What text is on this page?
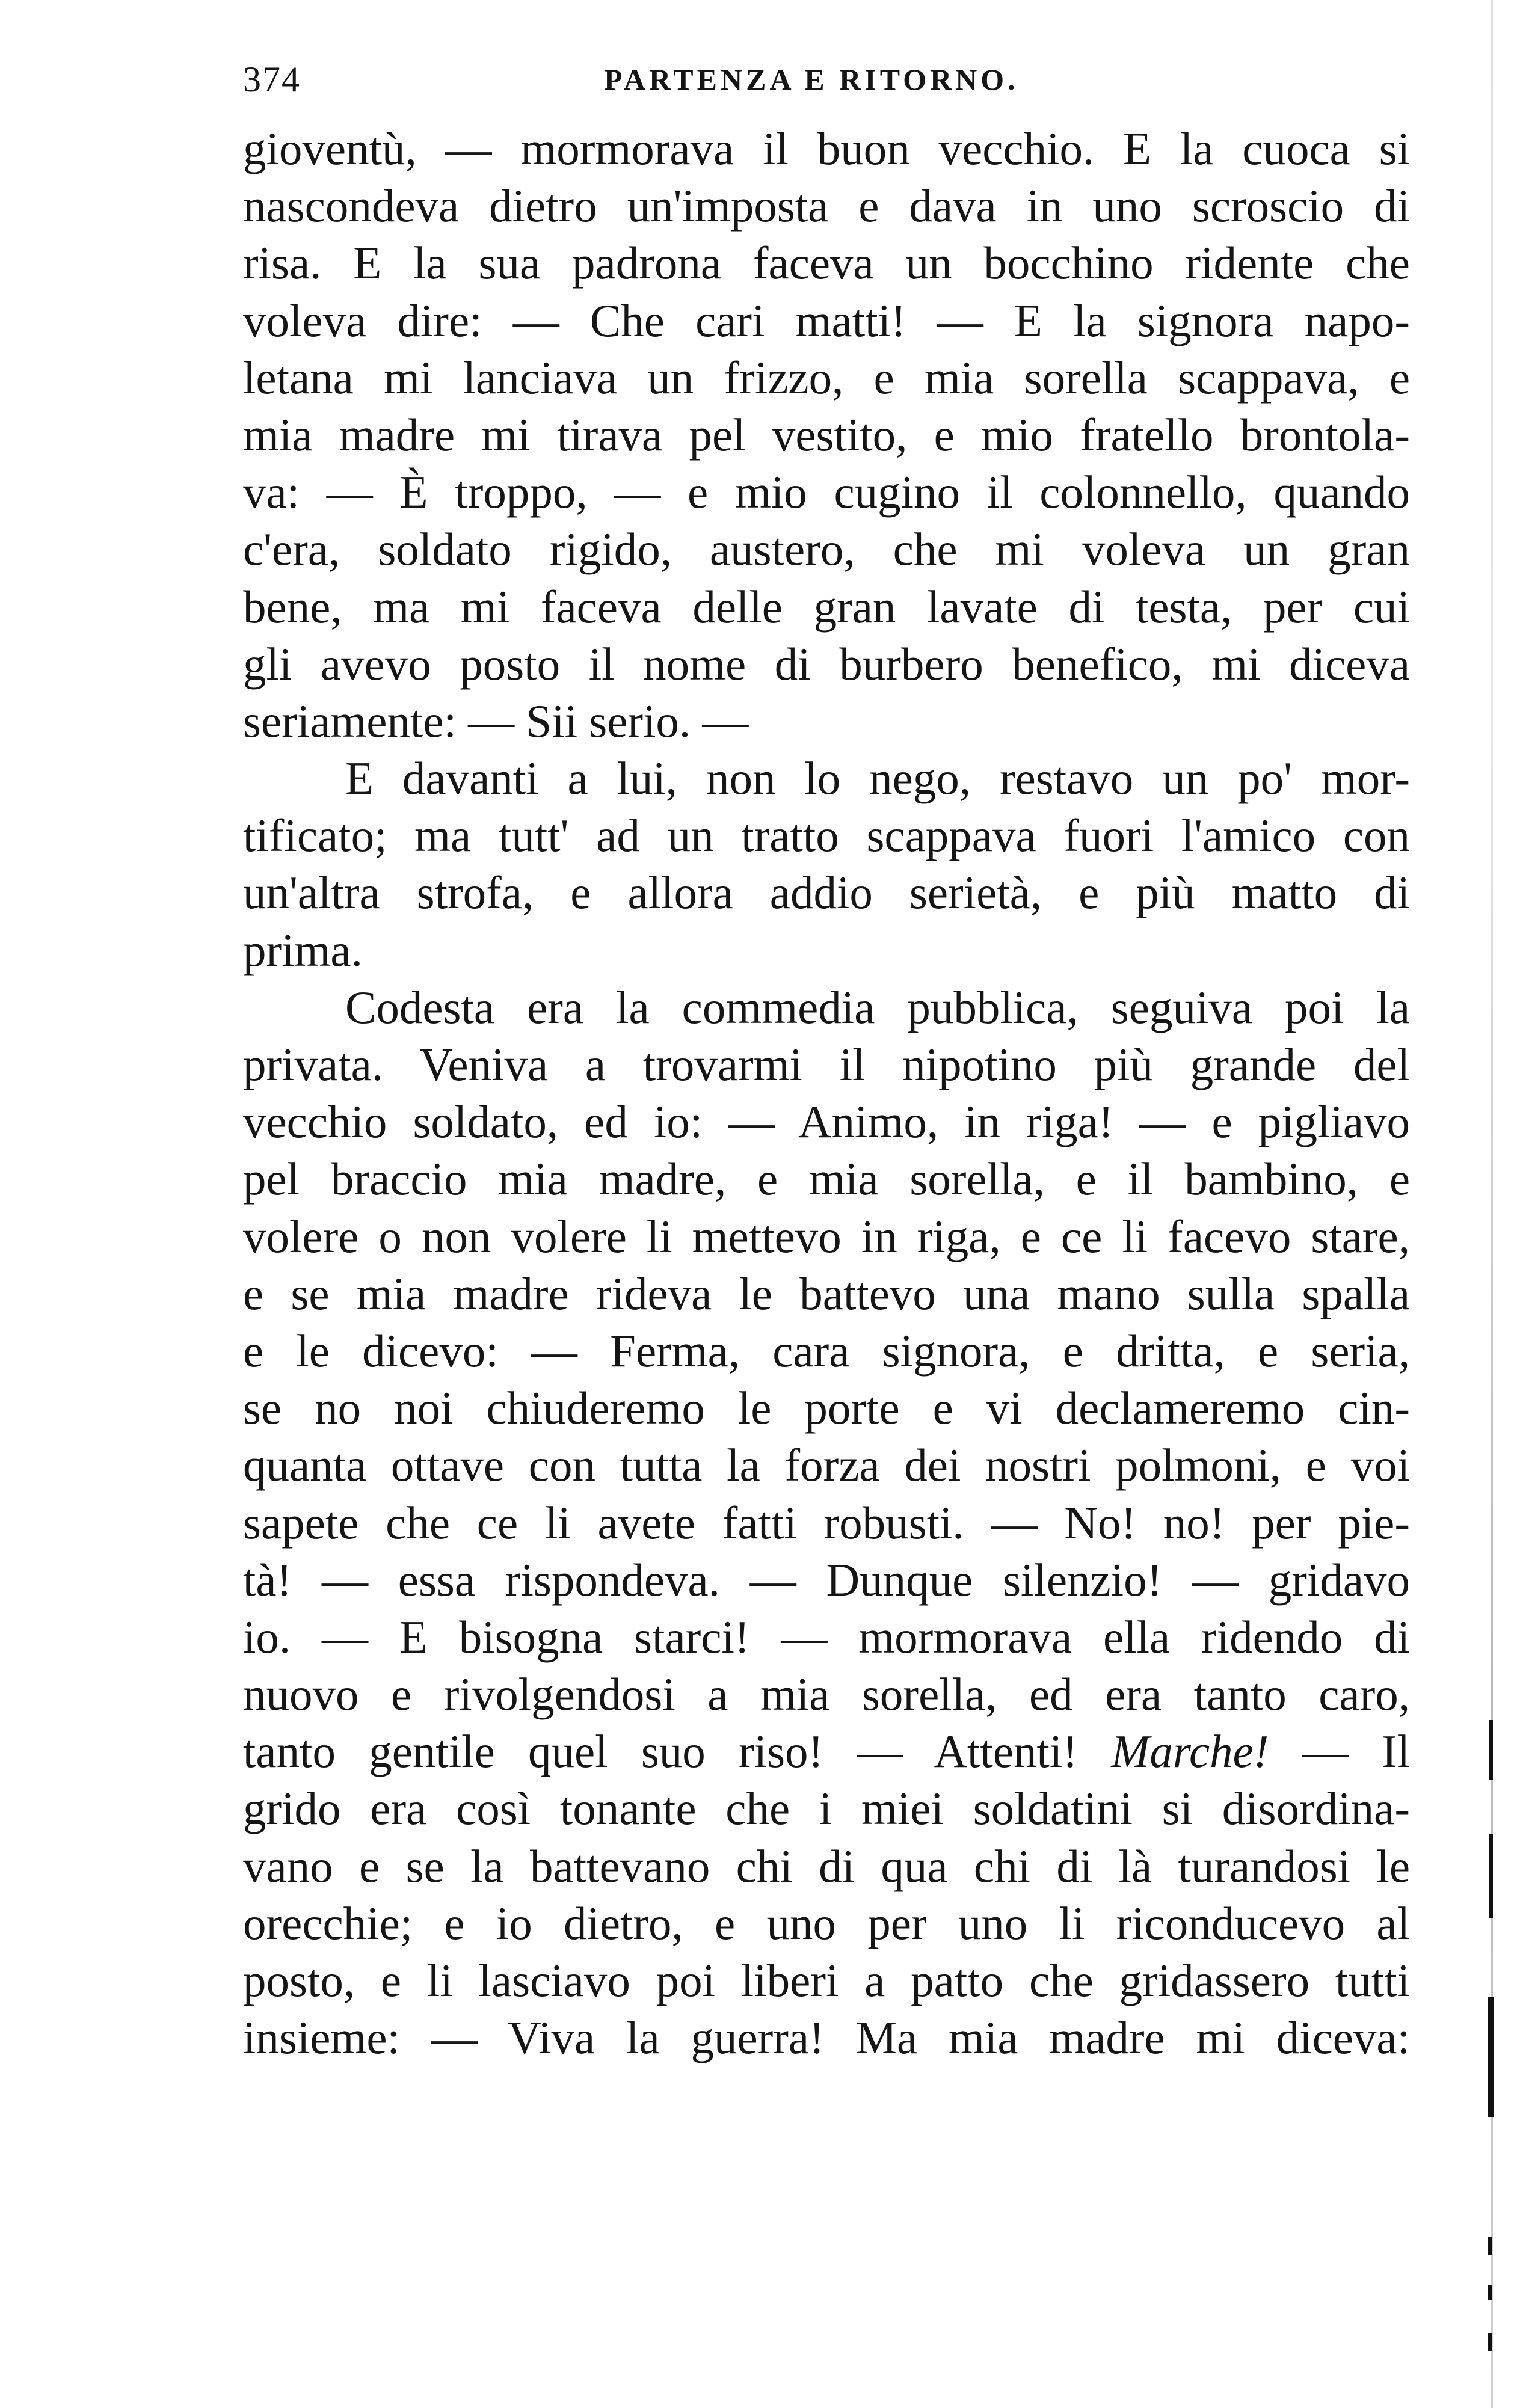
374	PARTENZA E RITORNO.
gioventù, — mormorava il buon vecchio. E la cuoca si
nascondeva dietro un'imposta e dava in uno scroscio di
risa. E la sua padrona faceva un bocchino ridente che
voleva dire: — Che cari matti! — E la signora napo-
letana mi lanciava un frizzo, e mia sorella scappava, e
mia madre mi tirava pel vestito, e mio fratello brontola-
va: — È troppo, — e mio cugino il colonnello, quando
c'era, soldato rigido, austero, che mi voleva un gran
bene, ma mi faceva delle gran lavate di testa, per cui
gli avevo posto il nome di burbero benefico, mi diceva
seriamente: — Sii serio. —
E davanti a lui, non lo nego, restavo un po' mor-
tificato; ma tutt' ad un tratto scappava fuori l'amico con
un'altra strofa, e allora addio serietà, e più matto di
prima.
Codesta era la commedia pubblica, seguiva poi la
privata. Veniva a trovarmi il nipotino più grande del
vecchio soldato, ed io: — Animo, in riga! — e pigliavo
pel braccio mia madre, e mia sorella, e il bambino, e
volere o non volere li mettevo in riga, e ce li facevo stare,
e se mia madre rideva le battevo una mano sulla spalla
e le dicevo: — Ferma, cara signora, e dritta, e seria,
se no noi chiuderemo le porte e vi declameremo cin-
quanta ottave con tutta la forza dei nostri polmoni, e voi
sapete che ce li avete fatti robusti. — No! no! per pie-
tà! — essa rispondeva. — Dunque silenzio! — gridavo
io. — E bisogna starci! — mormorava ella ridendo di
nuovo e rivolgendosi a mia sorella, ed era tanto caro,
tanto gentile quel suo riso! — Attenti! Marche! — Il
grido era così tonante che i miei soldatini si disordina-
vano e se la battevano chi di qua chi di là turandosi le
orecchie; e io dietro, e uno per uno li riconducevo al
posto, e li lasciavo poi liberi a patto che gridassero tutti
insieme: — Viva la guerra! Ma mia madre mi diceva:
